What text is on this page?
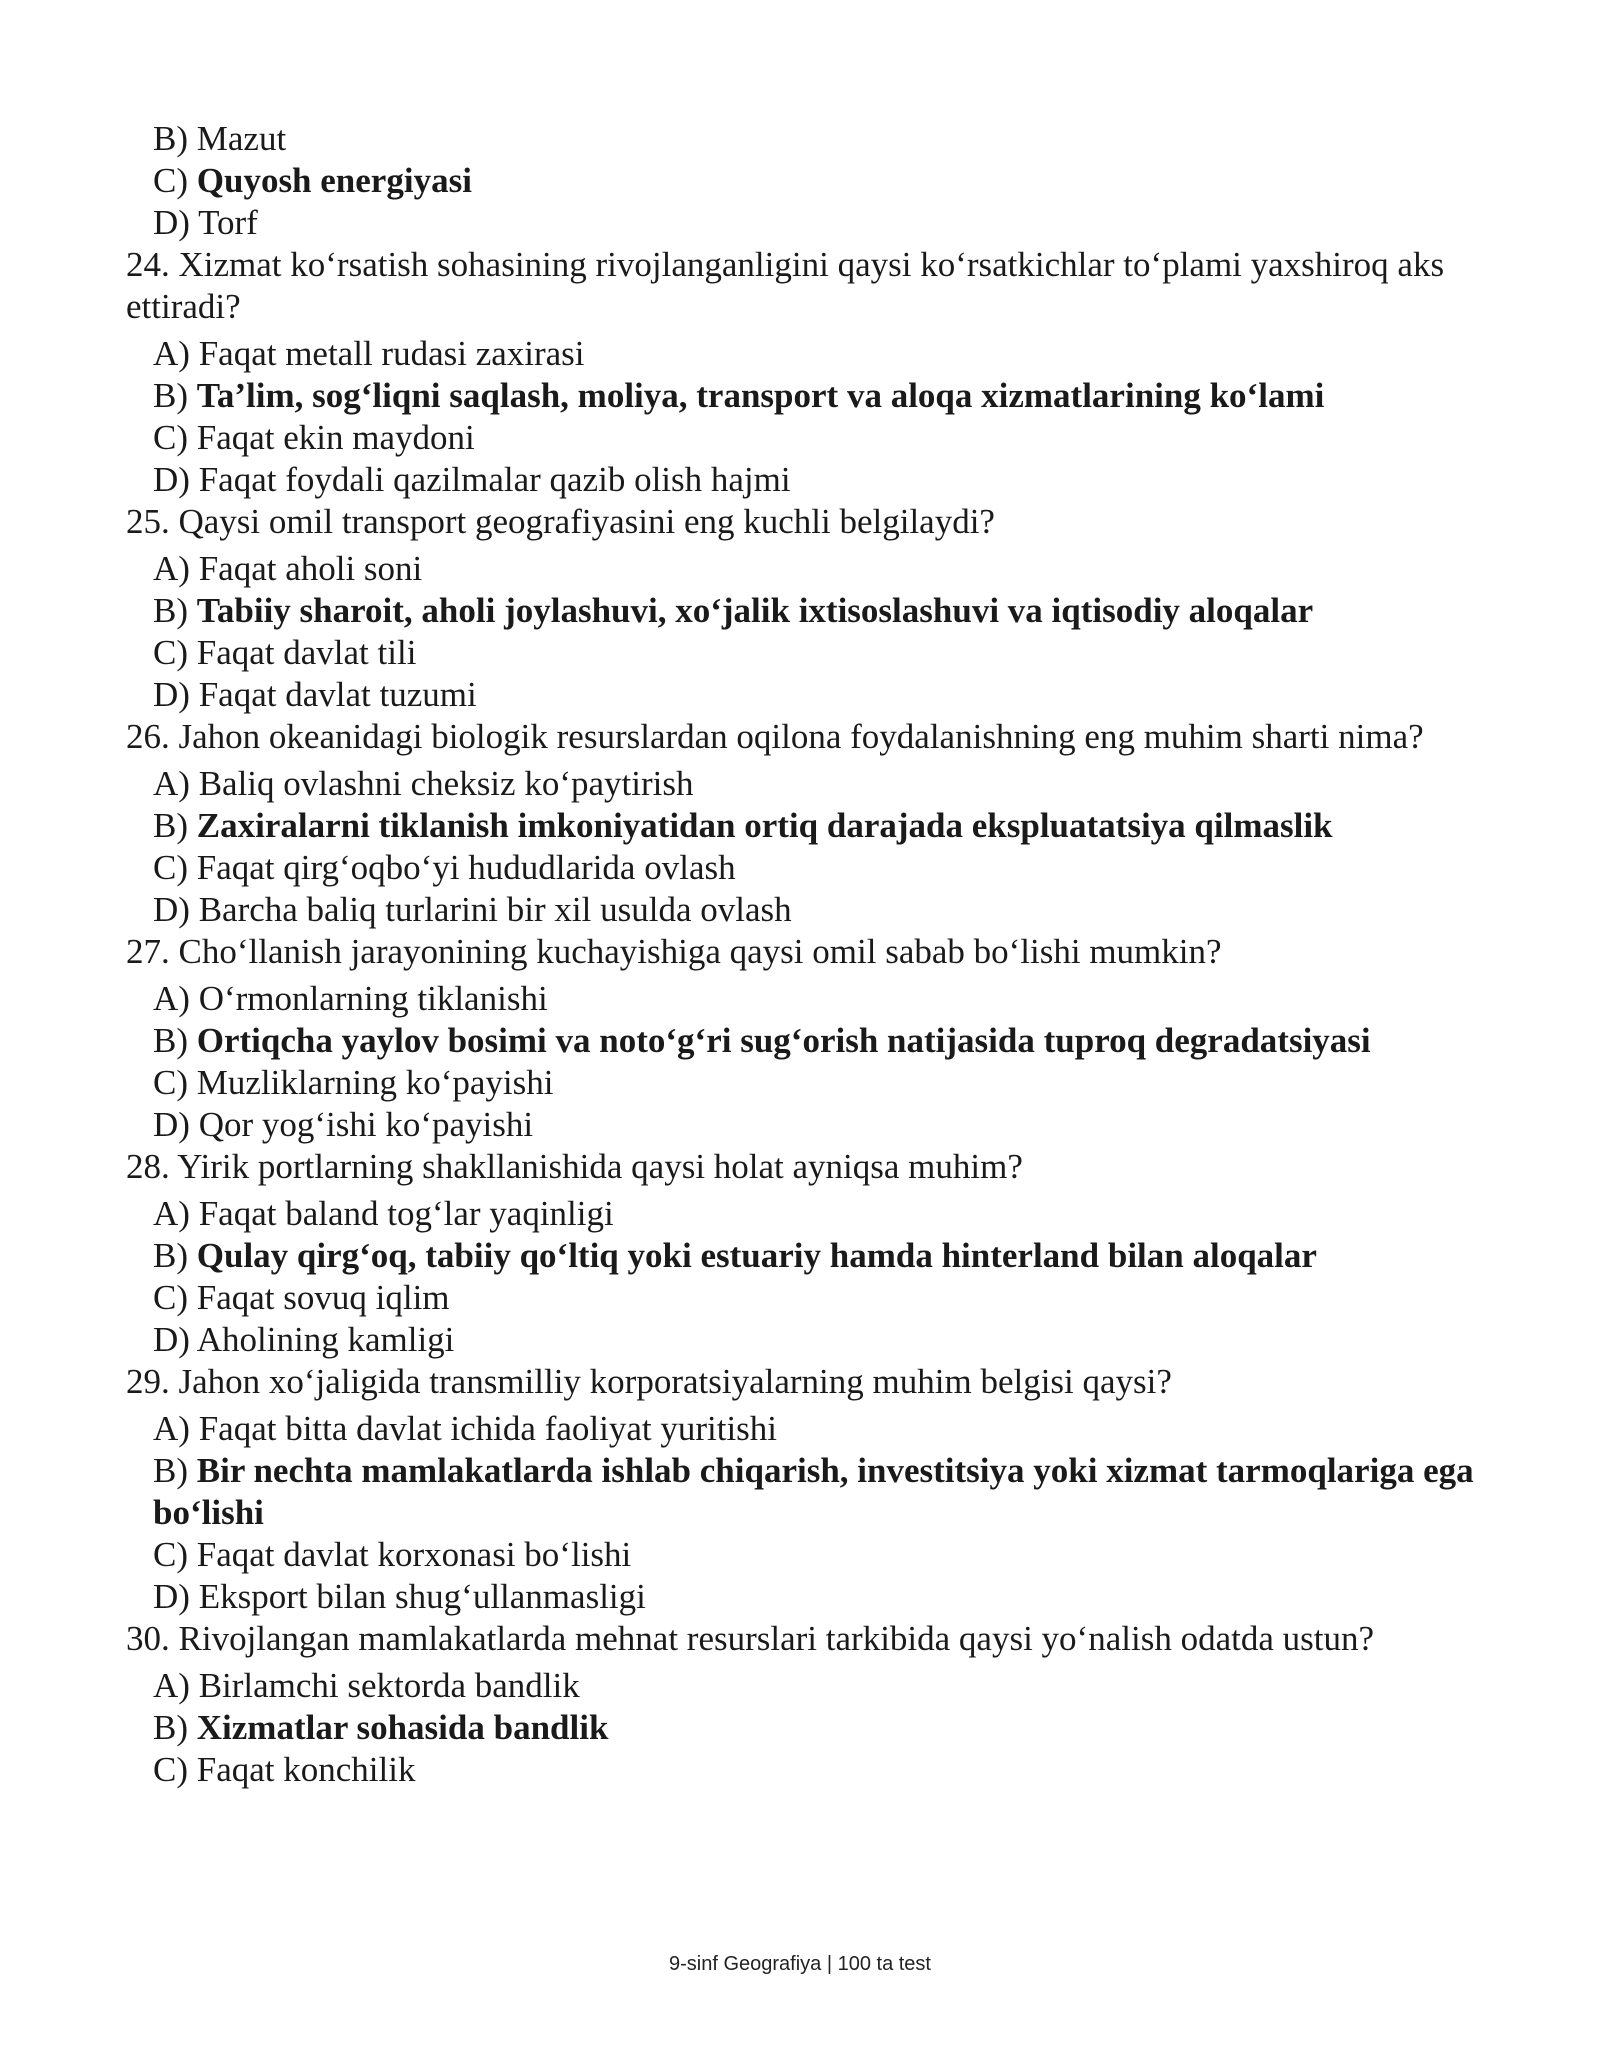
B) Mazut
C) Quyosh energiyasi
D) Torf

24. Xizmat ko‘rsatish sohasining rivojlanganligini qaysi ko‘rsatkichlar to‘plami yaxshiroq aks ettiradi?

A) Faqat metall rudasi zaxirasi
B) Ta’lim, sog‘liqni saqlash, moliya, transport va aloqa xizmatlarining ko‘lami
C) Faqat ekin maydoni
D) Faqat foydali qazilmalar qazib olish hajmi

25. Qaysi omil transport geografiyasini eng kuchli belgilaydi?

A) Faqat aholi soni
B) Tabiiy sharoit, aholi joylashuvi, xo‘jalik ixtisoslashuvi va iqtisodiy aloqalar
C) Faqat davlat tili
D) Faqat davlat tuzumi

26. Jahon okeanidagi biologik resurslardan oqilona foydalanishning eng muhim sharti nima?

A) Baliq ovlashni cheksiz ko‘paytirish
B) Zaxiralarni tiklanish imkoniyatidan ortiq darajada ekspluatatsiya qilmaslik
C) Faqat qirg‘oqbo‘yi hududlarida ovlash
D) Barcha baliq turlarini bir xil usulda ovlash

27. Cho‘llanish jarayonining kuchayishiga qaysi omil sabab bo‘lishi mumkin?

A) O‘rmonlarning tiklanishi
B) Ortiqcha yaylov bosimi va noto‘g‘ri sug‘orish natijasida tuproq degradatsiyasi
C) Muzliklarning ko‘payishi
D) Qor yog‘ishi ko‘payishi

28. Yirik portlarning shakllanishida qaysi holat ayniqsa muhim?

A) Faqat baland tog‘lar yaqinligi
B) Qulay qirg‘oq, tabiiy qo‘ltiq yoki estuariy hamda hinterland bilan aloqalar
C) Faqat sovuq iqlim
D) Aholining kamligi

29. Jahon xo‘jaligida transmilliy korporatsiyalarning muhim belgisi qaysi?

A) Faqat bitta davlat ichida faoliyat yuritishi
B) Bir nechta mamlakatlarda ishlab chiqarish, investitsiya yoki xizmat tarmoqlariga ega bo‘lishi
C) Faqat davlat korxonasi bo‘lishi
D) Eksport bilan shug‘ullanmasligi

30. Rivojlangan mamlakatlarda mehnat resurslari tarkibida qaysi yo‘nalish odatda ustun?

A) Birlamchi sektorda bandlik
B) Xizmatlar sohasida bandlik
C) Faqat konchilik
9-sinf Geografiya | 100 ta test
